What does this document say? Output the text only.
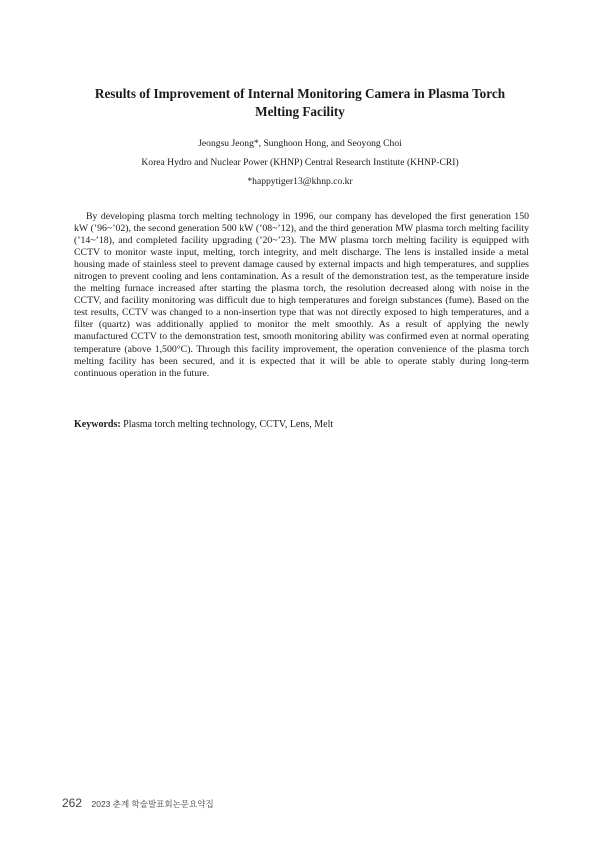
Results of Improvement of Internal Monitoring Camera in Plasma Torch Melting Facility

Jeongsu Jeong*, Sunghoon Hong, and Seoyong Choi

Korea Hydro and Nuclear Power (KHNP) Central Research Institute (KHNP-CRI)

*happytiger13@khnp.co.kr

By developing plasma torch melting technology in 1996, our company has developed the first generation 150 kW (’96~’02), the second generation 500 kW (’08~’12), and the third generation MW plasma torch melting facility (’14~’18), and completed facility upgrading (’20~’23). The MW plasma torch melting facility is equipped with CCTV to monitor waste input, melting, torch integrity, and melt discharge. The lens is installed inside a metal housing made of stainless steel to prevent damage caused by external impacts and high temperatures, and supplies nitrogen to prevent cooling and lens contamination. As a result of the demonstration test, as the temperature inside the melting furnace increased after starting the plasma torch, the resolution decreased along with noise in the CCTV, and facility monitoring was difficult due to high temperatures and foreign substances (fume). Based on the test results, CCTV was changed to a non-insertion type that was not directly exposed to high temperatures, and a filter (quartz) was additionally applied to monitor the melt smoothly. As a result of applying the newly manufactured CCTV to the demonstration test, smooth monitoring ability was confirmed even at normal operating temperature (above 1,500°C). Through this facility improvement, the operation convenience of the plasma torch melting facility has been secured, and it is expected that it will be able to operate stably during long-term continuous operation in the future.

Keywords: Plasma torch melting technology, CCTV, Lens, Melt

262 2023 춘계 학술발표회논문요약집
